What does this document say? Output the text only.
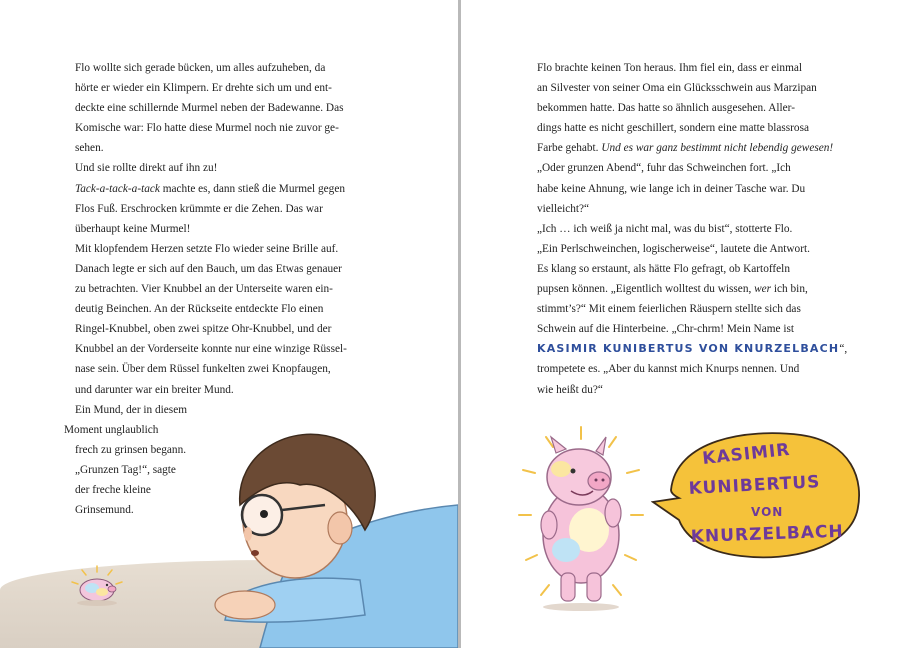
Flo wollte sich gerade bücken, um alles aufzuheben, da
hörte er wieder ein Klimpern. Er drehte sich um und ent-
deckte eine schillernde Murmel neben der Badewanne. Das
Komische war: Flo hatte diese Murmel noch nie zuvor ge-
sehen.

Und sie rollte direkt auf ihn zu!

Tack-a-tack-a-tack machte es, dann stieß die Murmel gegen
Flos Fuß. Erschrocken krümmte er die Zehen. Das war
überhaupt keine Murmel!

Mit klopfendem Herzen setzte Flo wieder seine Brille auf.
Danach legte er sich auf den Bauch, um das Etwas genauer
zu betrachten. Vier Knubbel an der Unterseite waren ein-
deutig Beinchen. An der Rückseite entdeckte Flo einen
Ringel-Knubbel, oben zwei spitze Ohr-Knubbel, und der
Knubbel an der Vorderseite konnte nur eine winzige Rüssel-
nase sein. Über dem Rüssel funkelten zwei Knopfaugen,
und darunter war ein breiter Mund.

Ein Mund, der in diesem
Moment unglaublich
frech zu grinsen begann.
„Grunzen Tag!“, sagte
der freche kleine
Grinsemund.

Flo brachte keinen Ton heraus. Ihm fiel ein, dass er einmal
an Silvester von seiner Oma ein Glücksschwein aus Marzipan
bekommen hatte. Das hatte so ähnlich ausgesehen. Aller-
dings hatte es nicht geschillert, sondern eine matte blassrosa
Farbe gehabt. Und es war ganz bestimmt nicht lebendig gewesen!

„Oder grunzen Abend“, fuhr das Schweinchen fort. „Ich
habe keine Ahnung, wie lange ich in deiner Tasche war. Du
vielleicht?“

„Ich … ich weiß ja nicht mal, was du bist“, stotterte Flo.

„Ein Perlschweinchen, logischerweise“, lautete die Antwort.
Es klang so erstaunt, als hätte Flo gefragt, ob Kartoffeln
pupsen können. „Eigentlich wolltest du wissen, wer ich bin,
stimmt’s?“ Mit einem feierlichen Räuspern stellte sich das
Schwein auf die Hinterbeine. „Chr-chrm! Mein Name ist
KASIMIR KUNIBERTUS VON KNURZELBACH“,
trompetete es. „Aber du kannst mich Knurps nennen. Und
wie heißt du?“

KASIMIR
KUNIBERTUS
VON
KNURZELBACH
